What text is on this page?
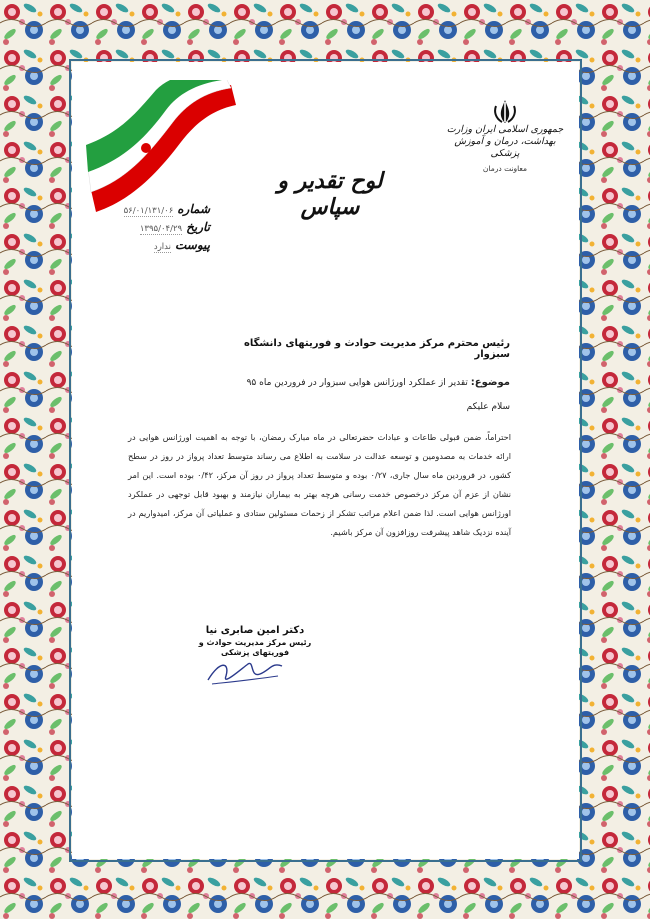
جمهوری اسلامی ایران وزارت بهداشت، درمان و آموزش پزشکی
معاونت درمان
لوح تقدیر و سپاس
شماره
۵۶/۰۱/۱۳۱/۰۶
تاریخ
۱۳۹۵/۰۴/۲۹
پیوست
ندارد
رئیس محترم مرکز مدیریت حوادث و فوریتهای دانشگاه سبزوار
موضوع: تقدیر از عملکرد اورژانس هوایی سبزوار در فروردین ماه ۹۵
سلام علیکم

احتراماً، ضمن قبولی طاعات و عبادات حضرتعالی در ماه مبارک رمضان، با توجه به اهمیت اورژانس هوایی در ارائه خدمات به مصدومین و توسعه عدالت در سلامت به اطلاع می رساند متوسط تعداد پرواز در روز در سطح کشور، در فروردین ماه سال جاری، ۰/۲۷ بوده و متوسط تعداد پرواز در روز آن مرکز، ۰/۴۲ بوده است. این امر نشان از عزم آن مرکز درخصوص خدمت رسانی هرچه بهتر به بیماران نیازمند و بهبود قابل توجهی در عملکرد اورژانس هوایی است. لذا ضمن اعلام مراتب تشکر از زحمات مسئولین ستادی و عملیاتی آن مرکز، امیدواریم در آینده نزدیک شاهد پیشرفت روزافزون آن مرکز باشیم.

دکتر امین صابری نیا
رئیس مرکز مدیریت حوادث و فوریتهای پزشکی
